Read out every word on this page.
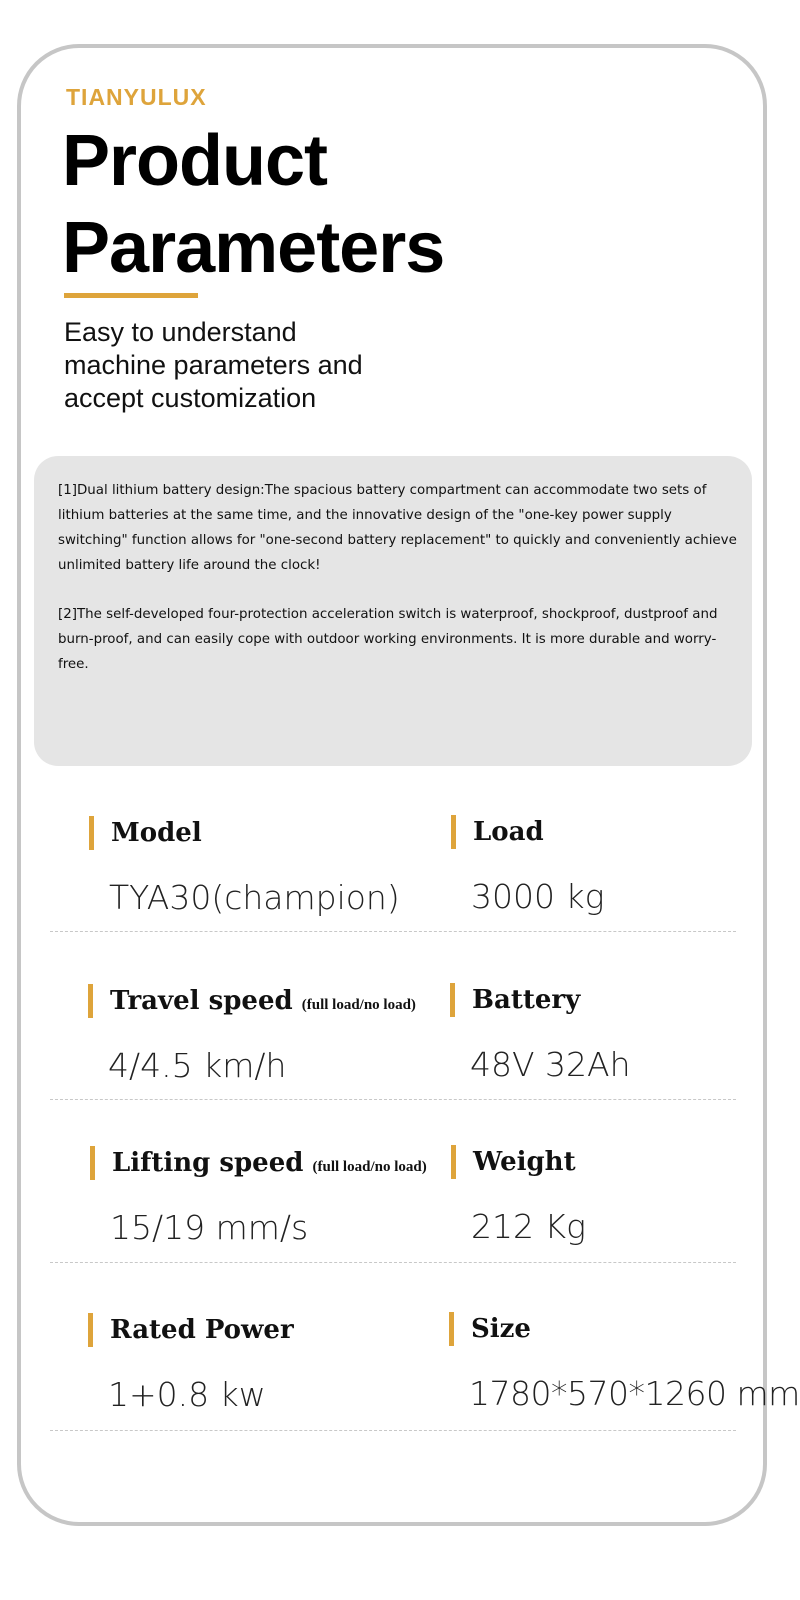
TIANYULUX
Product
Parameters
Easy to understand
machine parameters and
accept customization

[1]Dual lithium battery design:The spacious battery compartment can accommodate two sets of lithium batteries at the same time, and the innovative design of the "one-key power supply switching" function allows for "one-second battery replacement" to quickly and conveniently achieve unlimited battery life around the clock!

[2]The self-developed four-protection acceleration switch is waterproof, shockproof, dustproof and burn-proof, and can easily cope with outdoor working environments. It is more durable and worry-free.

Model
TYA30(champion)
Load
3000 kg
Travel speed (full load/no load)
4/4.5 km/h
Battery
48V 32Ah
Lifting speed (full load/no load)
15/19 mm/s
Weight
212 Kg
Rated Power
1+0.8 kw
Size
1780*570*1260 mm
